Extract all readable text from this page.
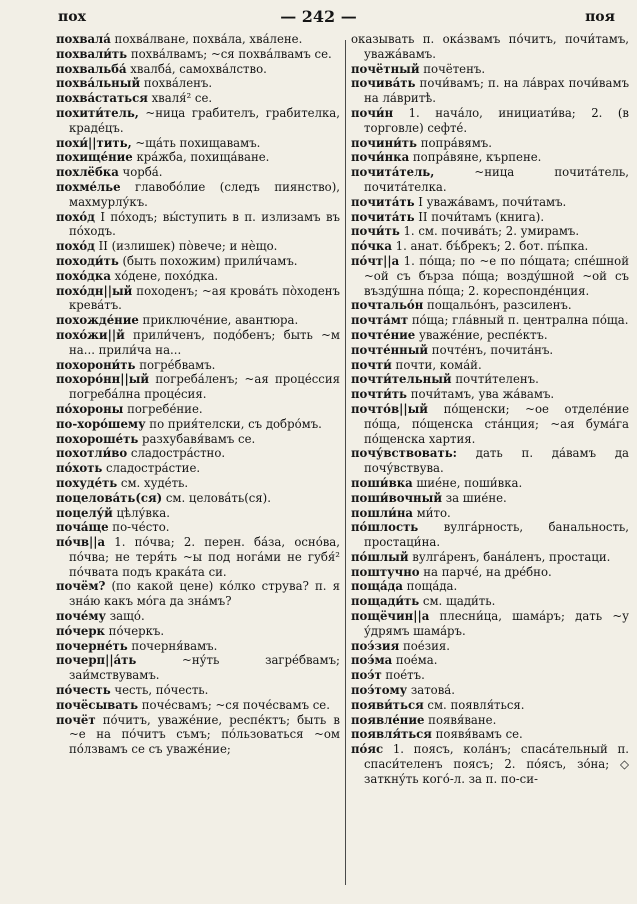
пох	— 242 —	поя

похвала́ похва́лване, похва́ла, хва́лене.

похвали́ть похва́лвамъ; ~ся похва́лвамъ се.

похвальба́ хвалба́, самохва́лство.

похва́льный похва́ленъ.

похва́статься хваля́² се.

похити́тель, ~ница грабителъ, грабителка, краде́цъ.

похи́||тить, ~ща́ть похищавамъ.

похище́ние кра́жба, похища́ване.

похлёбка чорба́.

похме́лье главобо́лие (следъ пиянство), махмурлу́къ.

похо́д I по́ходъ; вы́ступить в п. излизамъ въ по́ходъ.

похо́д II (излишек) по̀вече; и нѐщо.

походи́ть (быть похожим) прили́чамъ.

похо́дка хо́дене, похо́дка.

похо́дн||ый походенъ; ~ая крова́ть по̀ходенъ крева́тъ.

похожде́ние приключе́ние, авантюра.

похо́жи||й прили́ченъ, подо́бенъ; быть ~м на... прили́ча на...

похорони́ть погре́бвамъ.

похоро́нн||ый погреба́ленъ; ~ая проце́ссия погреба́лна проце́сия.

по́хороны погребе́ние.

по-хоро́шему по прия́телски, съ добро́мъ.

похороше́ть разхубавя́вамъ се.

похотли́во сладостра́стно.

по́хоть сладостра́стие.

похуде́ть см. худе́ть.

поцелова́ть(ся) см. целова́ть(ся).

поцелу́й цѣлу́вка.

поча́ще по-че́сто.

по́чв||а 1. по́чва; 2. перен. ба́за, осно́ва, по́чва; не теря́ть ~ы под нога́ми не губя́² по́чвата подъ крака́та си.

почём? (по какой цене) ко́лко струва? п. я зна́ю какъ мо́га да зна́мъ?

поче́му защо́.

по́черк по́черкъ.

почерне́ть почерня́вамъ.

почерп||а́ть ~ну́ть загре́бвамъ; заи́мствувамъ.

по́честь честь, по́честь.

почёсывать поче́свамъ; ~ся поче́свамъ се.

почёт по́читъ, уваже́ние, респе́ктъ; быть в ~е на по́читъ съмъ; по́льзоваться ~ом по́лзвамъ се съ уваже́ние;

оказывать п. ока́звамъ по́читъ, почи́тамъ, уважа́вамъ.

почётный почётенъ.

почива́ть почи́вамъ; п. на ла́врах почи́вамъ на ла́вритѣ.

почи́н 1. нача́ло, инициати́ва; 2. (в торговле) сефте́.

почини́ть попра́вямъ.

почи́нка попра́вяне, кърпене.

почита́тель, ~ница почита́тель, почита́телка.

почита́ть I уважа́вамъ, почи́тамъ.

почита́ть II почи́тамъ (книга).

почи́ть 1. см. почива́ть; 2. умирамъ.

по́чка 1. анат. бъ́брекъ; 2. бот. пъ́пка.

по́чт||а 1. по́ща; по ~е по по́щата; спе́шной ~ой съ бърза по́ща; возду́шной ~ой съ възду́шна по́ща; 2. кореспонде́нция.

почтальо́н пощальо́нъ, разсиленъ.

почта́мт по́ща; гла́вный п. централна по́ща.

почте́ние уваже́ние, респе́ктъ.

почте́нный почте́нъ, почита́нъ.

почти́ почти, кома́й.

почти́тельный почти́теленъ.

почти́ть почи́тамъ, ува жа́вамъ.

почто́в||ый по́щенски; ~ое отделе́ние по́ща, по́щенска ста́нция; ~ая бума́га по́щенска хартия.

почу́вствовать: дать п. да́вамъ да почу́вствува.

поши́вка шие́не, поши́вка.

поши́вочный за шие́не.

пошли́на ми́то.

по́шлость вулга́рность, банальность, простаци́на.

по́шлый вулга́ренъ, бана́ленъ, простаци.

поштучно на парче́, на дре́бно.

поща́да поща́да.

пощади́ть см. щади́ть.

пощёчин||а плесни́ца, шама́ръ; дать ~у у́дрямъ шама́ръ.

поэ́зия пое́зия.

поэ́ма пое́ма.

поэ́т пое́тъ.

поэ́тому затова́.

появи́ться см. появля́ться.

появле́ние появя́ване.

появля́ться появя́вамъ се.

по́яс 1. поясъ, кола́нъ; спаса́тельный п. спаси́теленъ поясъ; 2. по́ясъ, зо́на; ◇ заткну́ть кого́-л. за п. по-си-
